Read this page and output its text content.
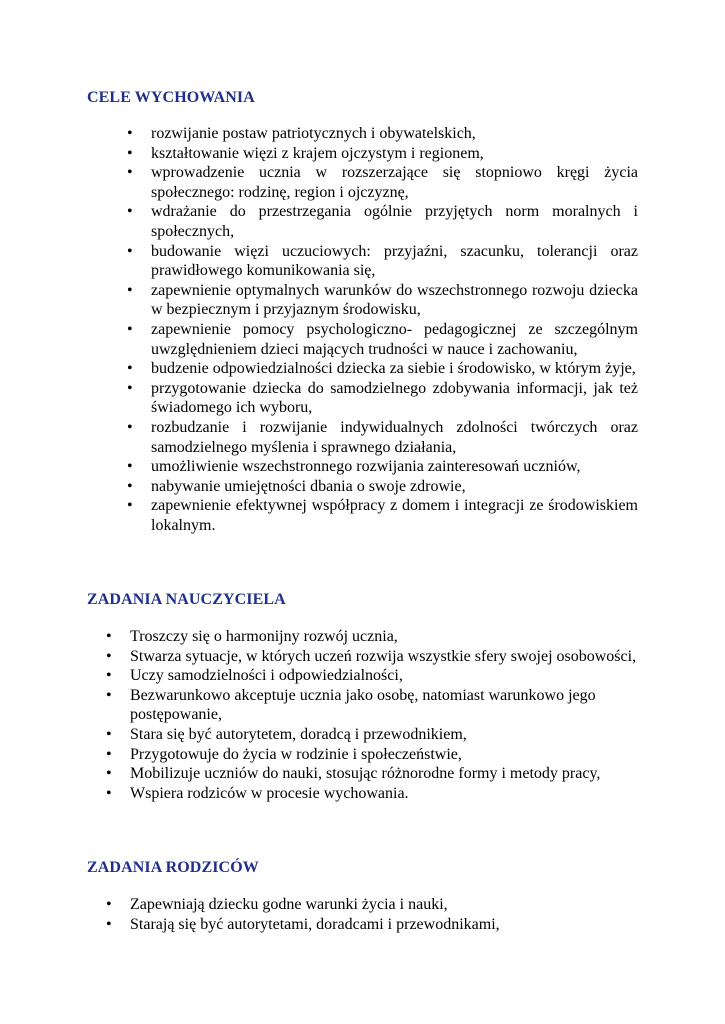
CELE WYCHOWANIA
• rozwijanie postaw patriotycznych i obywatelskich,
• kształtowanie więzi z krajem ojczystym i regionem,
• wprowadzenie ucznia w rozszerzające się stopniowo kręgi życia społecznego: rodzinę, region i ojczyznę,
• wdrażanie do przestrzegania ogólnie przyjętych norm moralnych i społecznych,
• budowanie więzi uczuciowych: przyjaźni, szacunku, tolerancji oraz prawidłowego komunikowania się,
• zapewnienie optymalnych warunków do wszechstronnego rozwoju dziecka w bezpiecznym i przyjaznym środowisku,
• zapewnienie pomocy psychologiczno- pedagogicznej ze szczególnym uwzględnieniem dzieci mających trudności w nauce i zachowaniu,
• budzenie odpowiedzialności dziecka za siebie i środowisko, w którym żyje,
• przygotowanie dziecka do samodzielnego zdobywania informacji, jak też świadomego ich wyboru,
• rozbudzanie i rozwijanie indywidualnych zdolności twórczych oraz samodzielnego myślenia i sprawnego działania,
• umożliwienie wszechstronnego rozwijania zainteresowań uczniów,
• nabywanie umiejętności dbania o swoje zdrowie,
• zapewnienie efektywnej współpracy z domem i integracji ze środowiskiem lokalnym.
ZADANIA NAUCZYCIELA
• Troszczy się o harmonijny rozwój ucznia,
• Stwarza sytuacje, w których uczeń rozwija wszystkie sfery swojej osobowości,
• Uczy samodzielności i odpowiedzialności,
• Bezwarunkowo akceptuje ucznia jako osobę, natomiast warunkowo jego postępowanie,
• Stara się być autorytetem, doradcą i przewodnikiem,
• Przygotowuje do życia w rodzinie i społeczeństwie,
• Mobilizuje uczniów do nauki, stosując różnorodne formy i metody pracy,
• Wspiera rodziców w procesie wychowania.
ZADANIA RODZICÓW
• Zapewniają dziecku godne warunki życia i nauki,
• Starają się być autorytetami, doradcami i przewodnikami,
